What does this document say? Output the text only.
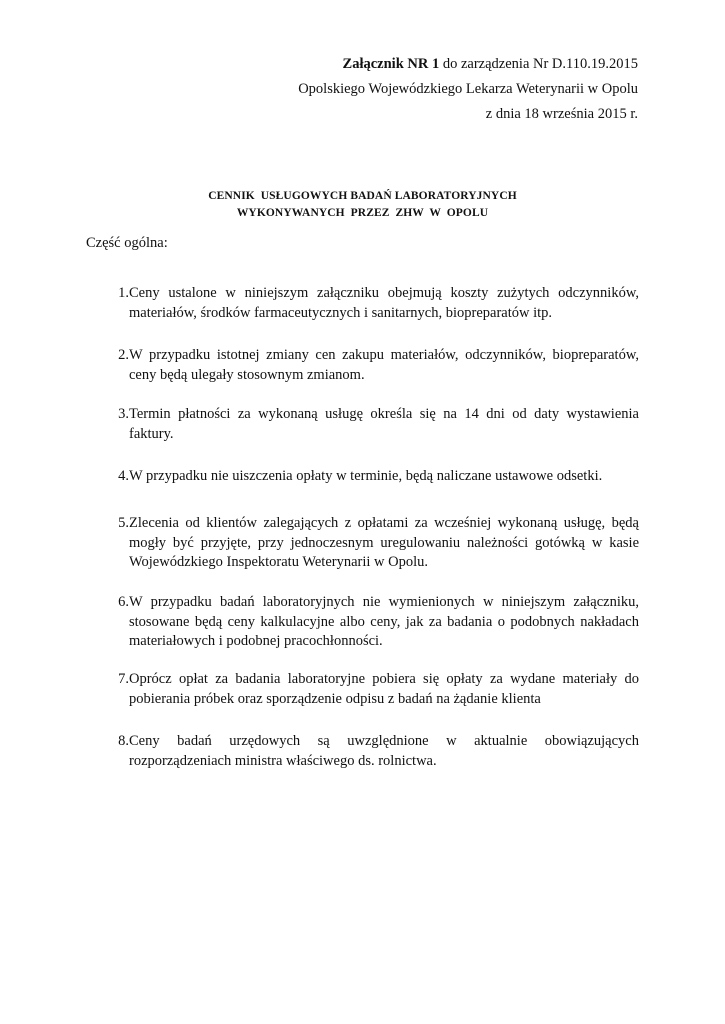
Załącznik NR 1 do zarządzenia Nr D.110.19.2015
Opolskiego Wojewódzkiego Lekarza Weterynarii w Opolu
z dnia 18 września 2015 r.
CENNIK  USŁUGOWYCH BADAŃ LABORATORYJNYCH
WYKONYWANYCH  PRZEZ  ZHW  W  OPOLU
Część ogólna:
1. Ceny ustalone w niniejszym załączniku obejmują koszty zużytych odczynników, materiałów, środków farmaceutycznych i sanitarnych, biopreparatów itp.
2. W przypadku istotnej zmiany cen zakupu materiałów, odczynników, biopreparatów, ceny będą ulegały stosownym zmianom.
3. Termin płatności za wykonaną usługę określa się na 14 dni od daty wystawienia faktury.
4. W przypadku nie uiszczenia opłaty w terminie, będą naliczane ustawowe odsetki.
5. Zlecenia od klientów zalegających z opłatami za wcześniej wykonaną usługę, będą mogły być przyjęte, przy jednoczesnym uregulowaniu należności gotówką w kasie Wojewódzkiego Inspektoratu Weterynarii w Opolu.
6. W przypadku badań laboratoryjnych nie wymienionych w niniejszym załączniku, stosowane będą ceny kalkulacyjne albo ceny, jak za badania o podobnych nakładach materiałowych i podobnej pracochłonności.
7. Oprócz opłat za badania laboratoryjne pobiera się opłaty za wydane materiały do pobierania próbek oraz sporządzenie odpisu z badań na żądanie klienta
8. Ceny badań urzędowych są uwzględnione w aktualnie obowiązujących rozporządzeniach ministra właściwego ds. rolnictwa.
